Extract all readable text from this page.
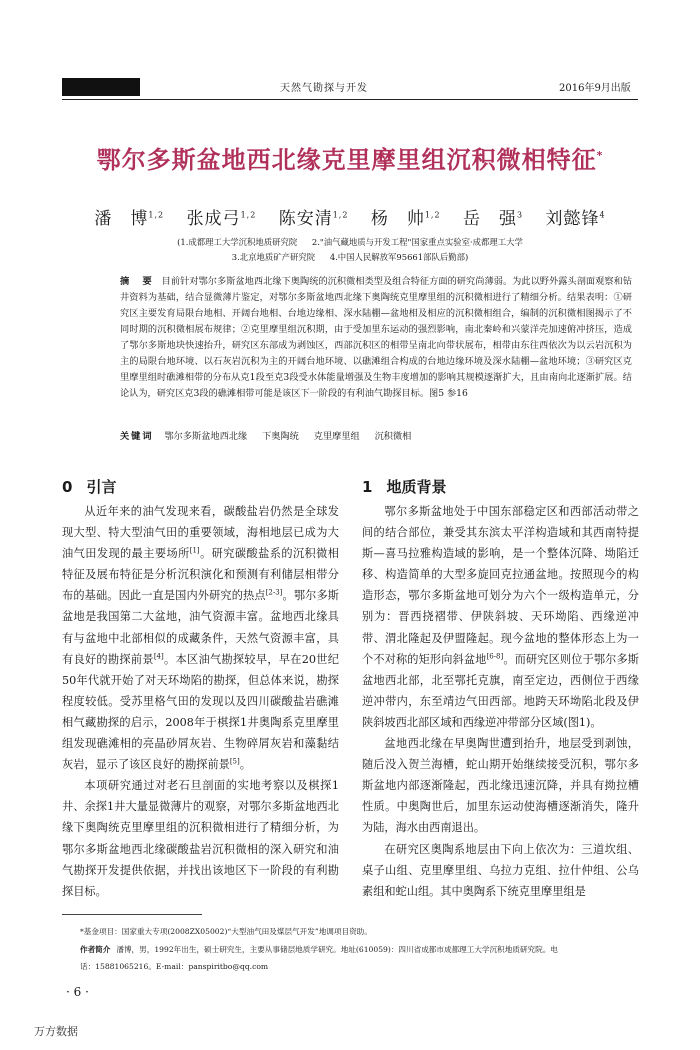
天然气勘探与开发	2016年9月出版
鄂尔多斯盆地西北缘克里摩里组沉积微相特征*
潘　博$^{1,2}$ 张成弓$^{1,2}$ 陈安清$^{1,2}$ 杨　帅$^{1,2}$ 岳　强$^3$ 刘懿锋$^4$
(1.成都理工大学沉积地质研究院 2."油气藏地质与开发工程"国家重点实验室·成都理工大学
3.北京地质矿产研究院 4.中国人民解放军95661部队后勤部)
摘　要 目前针对鄂尔多斯盆地西北缘下奥陶统的沉积微相类型及组合特征方面的研究尚薄弱。为此以野外露头剖面观察和钻井资料为基础，结合显微薄片鉴定，对鄂尔多斯盆地西北缘下奥陶统克里摩里组的沉积微相进行了精细分析。结果表明：①研究区主要发育局限台地相、开阔台地相、台地边缘相、深水陆棚—盆地相及相应的沉积微相组合，编制的沉积微相图揭示了不同时期的沉积微相展布规律；②克里摩里组沉积期，由于受加里东运动的强烈影响，南北秦岭和兴蒙洋壳加速俯冲挤压，造成了鄂尔多斯地块快速抬升，研究区东部成为剥蚀区，西部沉积区的相带呈南北向带状展布，相带由东往西依次为以云岩沉积为主的局限台地环境、以石灰岩沉积为主的开阔台地环境、以礁滩组合构成的台地边缘环境及深水陆棚—盆地环境；③研究区克里摩里组时礁滩相带的分布从克1段至克3段受水体能量增强及生物丰度增加的影响其规模逐渐扩大，且由南向北逐渐扩展。结论认为，研究区克3段的礁滩相带可能是该区下一阶段的有利油气勘探目标。图5 参16
关键词 鄂尔多斯盆地西北缘 下奥陶统 克里摩里组 沉积微相
0 引言	1 地质背景

从近年来的油气发现来看，碳酸盐岩仍然是全球发现大型、特大型油气田的重要领域，海相地层已成为大油气田发现的最主要场所[1]。研究碳酸盐系的沉积微相特征及展布特征是分析沉积演化和预测有利储层相带分布的基础。因此一直是国内外研究的热点[2-3]。鄂尔多斯盆地是我国第二大盆地，油气资源丰富。盆地西北缘具有与盆地中北部相似的成藏条件，天然气资源丰富，具有良好的勘探前景[4]。本区油气勘探较早，早在20世纪50年代就开始了对天环坳陷的勘探，但总体来说，勘探程度较低。受苏里格气田的发现以及四川碳酸盐岩礁滩相气藏勘探的启示，2008年于棋探1井奥陶系克里摩里组发现礁滩相的亮晶砂屑灰岩、生物碎屑灰岩和藻黏结灰岩，显示了该区良好的勘探前景[5]。

本项研究通过对老石旦剖面的实地考察以及棋探1井、余探1井大量显微薄片的观察，对鄂尔多斯盆地西北缘下奥陶统克里摩里组的沉积微相进行了精细分析，为鄂尔多斯盆地西北缘碳酸盐岩沉积微相的深入研究和油气勘探开发提供依据，并找出该地区下一阶段的有利勘探目标。

鄂尔多斯盆地处于中国东部稳定区和西部活动带之间的结合部位，兼受其东滨太平洋构造域和其西南特提斯—喜马拉雅构造域的影响，是一个整体沉降、坳陷迁移、构造简单的大型多旋回克拉通盆地。按照现今的构造形态，鄂尔多斯盆地可划分为六个一级构造单元，分别为：晋西挠褶带、伊陕斜坡、天环坳陷、西缘逆冲带、渭北隆起及伊盟隆起。现今盆地的整体形态上为一个不对称的矩形向斜盆地[6-8]。而研究区则位于鄂尔多斯盆地西北部，北至鄂托克旗，南至定边，西侧位于西缘逆冲带内，东至靖边气田西部。地跨天环坳陷北段及伊陕斜坡西北部区域和西缘逆冲带部分区域(图1)。

盆地西北缘在早奥陶世遭到抬升，地层受到剥蚀，随后没入贺兰海槽，蛇山期开始继续接受沉积，鄂尔多斯盆地内部逐渐隆起，西北缘迅速沉降，并具有拗拉槽性质。中奥陶世后，加里东运动使海槽逐渐消失，隆升为陆，海水由西南退出。

在研究区奥陶系地层由下向上依次为：三道坎组、桌子山组、克里摩里组、乌拉力克组、拉什仲组、公乌素组和蛇山组。其中奥陶系下统克里摩里组是

*基金项目：国家重大专项(2008ZX05002)“大型油气田及煤层气开发”地调项目资助。
作者简介 潘博，男，1992年出生，硕士研究生，主要从事储层地质学研究。地址(610059)：四川省成都市成都理工大学沉积地质研究院。电
话：15881065216。E-mail：panspiritbo@qq.com
· 6 ·
万方数据
